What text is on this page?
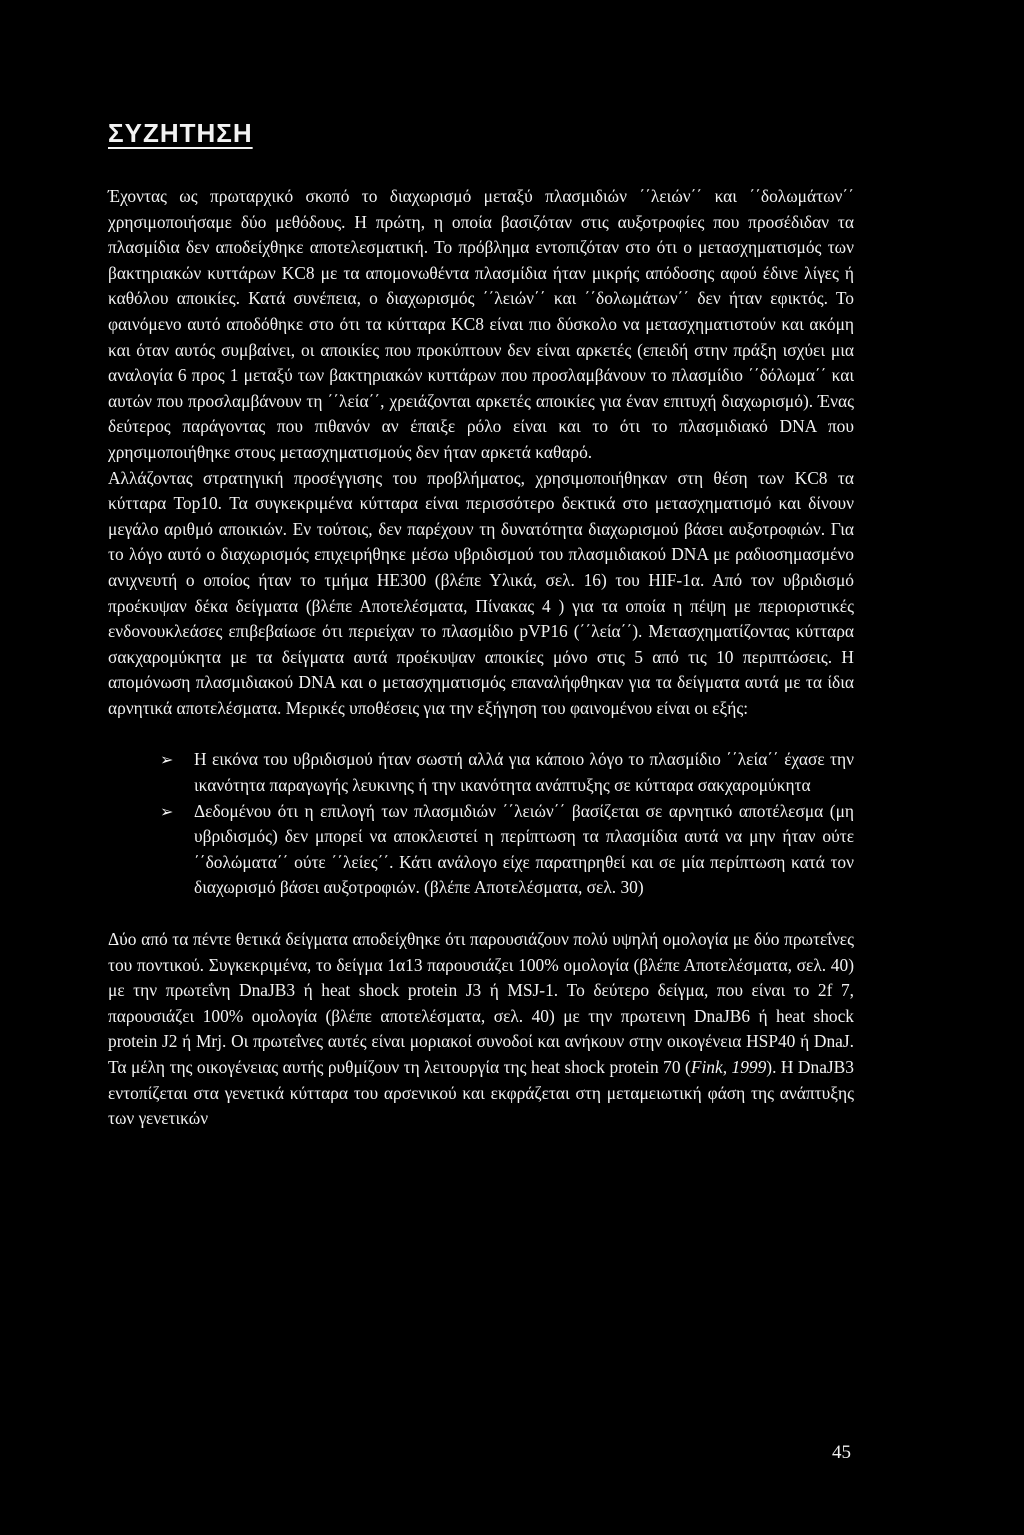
ΣΥΖΗΤΗΣΗ

Έχοντας ως πρωταρχικό σκοπό το διαχωρισμό μεταξύ πλασμιδιών ΄΄λειών΄΄ και ΄΄δολωμάτων΄΄ χρησιμοποιήσαμε δύο μεθόδους. Η πρώτη, η οποία βασιζόταν στις αυξοτροφίες που προσέδιδαν τα πλασμίδια δεν αποδείχθηκε αποτελεσματική. Το πρόβλημα εντοπιζόταν στο ότι ο μετασχηματισμός των βακτηριακών κυττάρων KC8 με τα απομονωθέντα πλασμίδια ήταν μικρής απόδοσης αφού έδινε λίγες ή καθόλου αποικίες. Κατά συνέπεια, ο διαχωρισμός ΄΄λειών΄΄ και ΄΄δολωμάτων΄΄ δεν ήταν εφικτός. Το φαινόμενο αυτό αποδόθηκε στο ότι τα κύτταρα KC8 είναι πιο δύσκολο να μετασχηματιστούν και ακόμη και όταν αυτός συμβαίνει, οι αποικίες που προκύπτουν δεν είναι αρκετές (επειδή στην πράξη ισχύει μια αναλογία 6 προς 1 μεταξύ των βακτηριακών κυττάρων που προσλαμβάνουν το πλασμίδιο ΄΄δόλωμα΄΄ και αυτών που προσλαμβάνουν τη ΄΄λεία΄΄, χρειάζονται αρκετές αποικίες για έναν επιτυχή διαχωρισμό). Ένας δεύτερος παράγοντας που πιθανόν αν έπαιξε ρόλο είναι και το ότι το πλασμιδιακό DNA που χρησιμοποιήθηκε στους μετασχηματισμούς δεν ήταν αρκετά καθαρό.

Αλλάζοντας στρατηγική προσέγγισης του προβλήματος, χρησιμοποιήθηκαν στη θέση των KC8 τα κύτταρα Top10. Τα συγκεκριμένα κύτταρα είναι περισσότερο δεκτικά στο μετασχηματισμό και δίνουν μεγάλο αριθμό αποικιών. Εν τούτοις, δεν παρέχουν τη δυνατότητα διαχωρισμού βάσει αυξοτροφιών. Για το λόγο αυτό ο διαχωρισμός επιχειρήθηκε μέσω υβριδισμού του πλασμιδιακού DNA με ραδιοσημασμένο ανιχνευτή ο οποίος ήταν το τμήμα HE300 (βλέπε Υλικά, σελ. 16) του HIF-1α. Από τον υβριδισμό προέκυψαν δέκα δείγματα (βλέπε Αποτελέσματα, Πίνακας 4 ) για τα οποία η πέψη με περιοριστικές ενδονουκλεάσες επιβεβαίωσε ότι περιείχαν το πλασμίδιο pVP16 (΄΄λεία΄΄). Μετασχηματίζοντας κύτταρα σακχαρομύκητα με τα δείγματα αυτά προέκυψαν αποικίες μόνο στις 5 από τις 10 περιπτώσεις. Η απομόνωση πλασμιδιακού DNA και ο μετασχηματισμός επαναλήφθηκαν για τα δείγματα αυτά με τα ίδια αρνητικά αποτελέσματα. Μερικές υποθέσεις για την εξήγηση του φαινομένου είναι οι εξής:

➢ Η εικόνα του υβριδισμού ήταν σωστή αλλά για κάποιο λόγο το πλασμίδιο ΄΄λεία΄΄ έχασε την ικανότητα παραγωγής λευκινης ή την ικανότητα ανάπτυξης σε κύτταρα σακχαρομύκητα
➢ Δεδομένου ότι η επιλογή των πλασμιδιών ΄΄λειών΄΄ βασίζεται σε αρνητικό αποτέλεσμα (μη υβριδισμός) δεν μπορεί να αποκλειστεί η περίπτωση τα πλασμίδια αυτά να μην ήταν ούτε ΄΄δολώματα΄΄ ούτε ΄΄λείες΄΄. Κάτι ανάλογο είχε παρατηρηθεί και σε μία περίπτωση κατά τον διαχωρισμό βάσει αυξοτροφιών. (βλέπε Αποτελέσματα, σελ. 30)

Δύο από τα πέντε θετικά δείγματα αποδείχθηκε ότι παρουσιάζουν πολύ υψηλή ομολογία με δύο πρωτεΐνες του ποντικού. Συγκεκριμένα, το δείγμα 1α13 παρουσιάζει 100% ομολογία (βλέπε Αποτελέσματα, σελ. 40) με την πρωτεΐνη DnaJB3 ή heat shock protein J3 ή MSJ-1. Το δεύτερο δείγμα, που είναι το 2f 7, παρουσιάζει 100% ομολογία (βλέπε αποτελέσματα, σελ. 40) με την πρωτεινη DnaJB6 ή heat shock protein J2 ή Mrj. Οι πρωτεΐνες αυτές είναι μοριακοί συνοδοί και ανήκουν στην οικογένεια HSP40 ή DnaJ. Τα μέλη της οικογένειας αυτής ρυθμίζουν τη λειτουργία της heat shock protein 70 (Fink, 1999). Η DnaJB3 εντοπίζεται στα γενετικά κύτταρα του αρσενικού και εκφράζεται στη μεταμειωτική φάση της ανάπτυξης των γενετικών

45
